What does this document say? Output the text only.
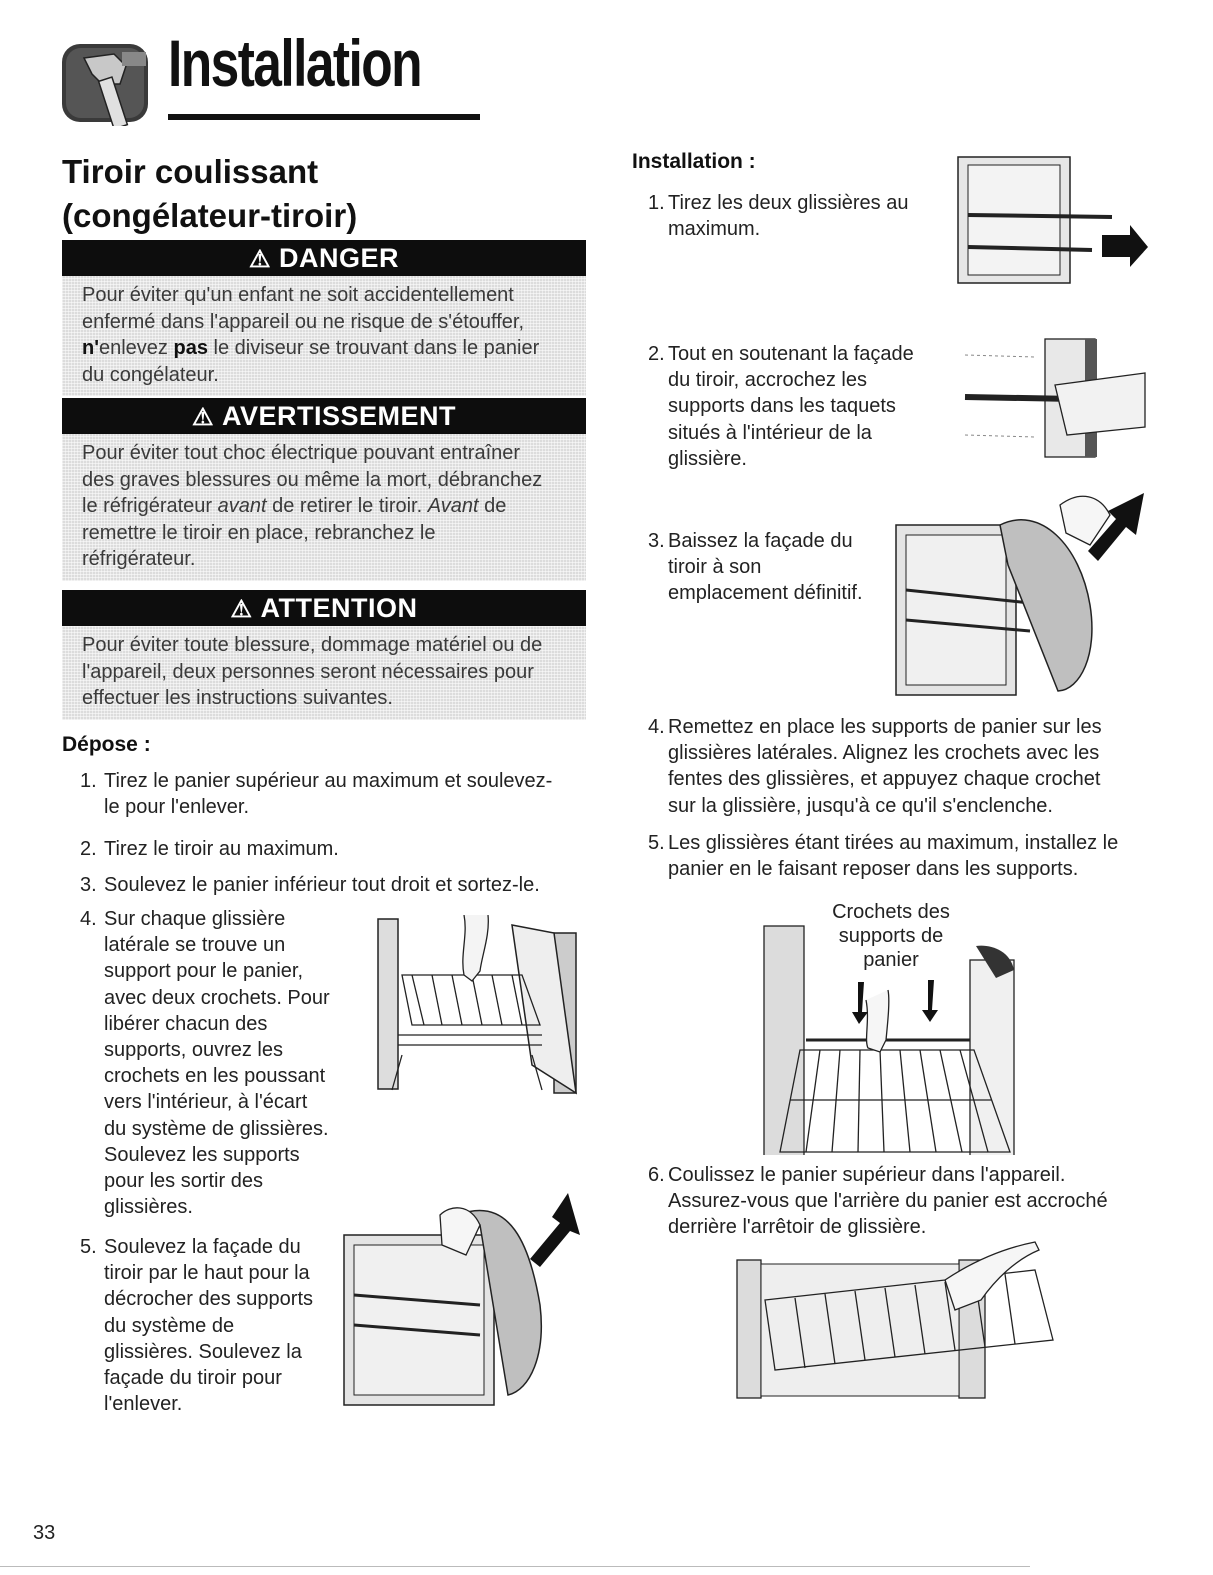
Installation
Tiroir coulissant
(congélateur-tiroir)
⚠ DANGER
Pour éviter qu'un enfant ne soit accidentellement
enfermé dans l'appareil ou ne risque de s'étouffer,
n'enlevez pas le diviseur se trouvant dans le panier
du congélateur.
⚠ AVERTISSEMENT
Pour éviter tout choc électrique pouvant entraîner
des graves blessures ou même la mort, débranchez
le réfrigérateur avant de retirer le tiroir. Avant de
remettre le tiroir en place, rebranchez le
réfrigérateur.
⚠ ATTENTION
Pour éviter toute blessure, dommage matériel ou de
l'appareil, deux personnes seront nécessaires pour
effectuer les instructions suivantes.
Dépose :
1. Tirez le panier supérieur au maximum et soulevez-
le pour l'enlever.
2. Tirez le tiroir au maximum.
3. Soulevez le panier inférieur tout droit et sortez-le.
4. Sur chaque glissière
latérale se trouve un
support pour le panier,
avec deux crochets. Pour
libérer chacun des
supports, ouvrez les
crochets en les poussant
vers l'intérieur, à l'écart
du système de glissières.
Soulevez les supports
pour les sortir des
glissières.
5. Soulevez la façade du
tiroir par le haut pour la
décrocher des supports
du système de
glissières. Soulevez la
façade du tiroir pour
l'enlever.
Installation :
1. Tirez les deux glissières au
maximum.
2. Tout en soutenant la façade
du tiroir, accrochez les
supports dans les taquets
situés à l'intérieur de la
glissière.
3. Baissez la façade du
tiroir à son
emplacement définitif.
4. Remettez en place les supports de panier sur les
glissières latérales. Alignez les crochets avec les
fentes des glissières, et appuyez chaque crochet
sur la glissière, jusqu'à ce qu'il s'enclenche.
5. Les glissières étant tirées au maximum, installez le
panier en le faisant reposer dans les supports.
6. Coulissez le panier supérieur dans l'appareil.
Assurez-vous que l'arrière du panier est accroché
derrière l'arrêtoir de glissière.
Crochets des
supports de
panier
33
